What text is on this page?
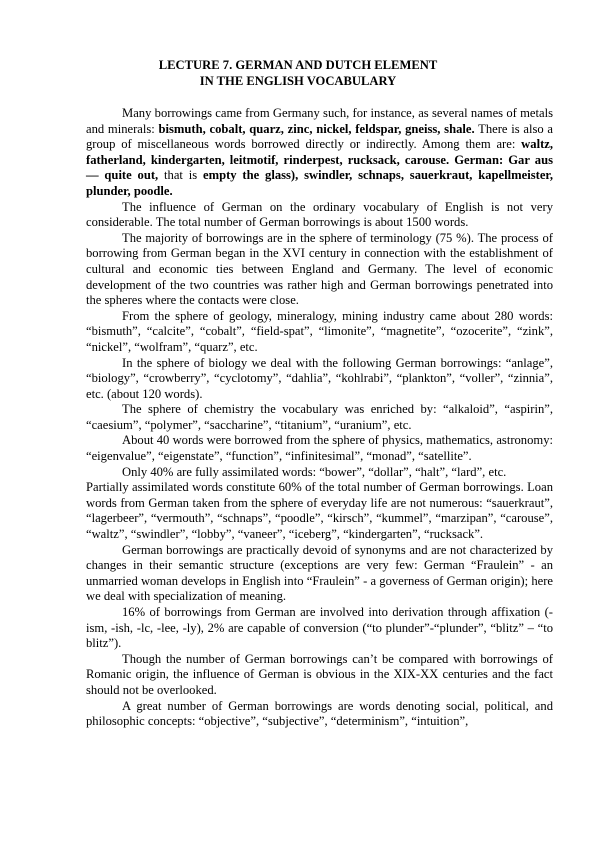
LECTURE 7. GERMAN AND DUTCH ELEMENT
IN THE ENGLISH VOCABULARY

Many borrowings came from Germany such, for instance, as several names of metals and minerals: bismuth, cobalt, quarz, zinc, nickel, feldspar, gneiss, shale. There is also a group of miscellaneous words borrowed directly or indirectly. Among them are: waltz, fatherland, kindergarten, leitmotif, rinderpest, rucksack, carouse. German: Gar aus — quite out, that is empty the glass), swindler, schnaps, sauerkraut, kapellmeister, plunder, poodle.

The influence of German on the ordinary vocabulary of English is not very considerable. The total number of German borrowings is about 1500 words.

The majority of borrowings are in the sphere of terminology (75 %). The process of borrowing from German began in the XVI century in connection with the establishment of cultural and economic ties between England and Germany. The level of economic development of the two countries was rather high and German borrowings penetrated into the spheres where the contacts were close.

From the sphere of geology, mineralogy, mining industry came about 280 words: “bismuth”, “calcite”, “cobalt”, “field-spat”, “limonite”, “magnetite”, “ozocerite”, “zink”, “nickel”, “wolfram”, “quarz”, etc.

In the sphere of biology we deal with the following German borrowings: “anlage”, “biology”, “crowberry”, “cyclotomy”, “dahlia”, “kohlrabi”, “plankton”, “voller”, “zinnia”, etc. (about 120 words).

The sphere of chemistry the vocabulary was enriched by: “alkaloid”, “aspirin”, “caesium”, “polymer”, “saccharine”, “titanium”, “uranium”, etc.

About 40 words were borrowed from the sphere of physics, mathematics, astronomy: “eigenvalue”, “eigenstate”, “function”, “infinitesimal”, “monad”, “satellite”.

Only 40% are fully assimilated words: “bower”, “dollar”, “halt”, “lard”, etc.

Partially assimilated words constitute 60% of the total number of German borrowings. Loan words from German taken from the sphere of everyday life are not numerous: “sauerkraut”, “lagerbeer”, “vermouth”, “schnaps”, “poodle”, “kirsch”, “kummel”, “marzipan”, “carouse”, “waltz”, “swindler”, “lobby”, “vaneer”, “iceberg”, “kindergarten”, “rucksack”.

German borrowings are practically devoid of synonyms and are not characterized by changes in their semantic structure (exceptions are very few: German “Fraulein” - an unmarried woman develops in English into “Fraulein” - a governess of German origin); here we deal with specialization of meaning.

16% of borrowings from German are involved into derivation through affixation (-ism, -ish, -lc, -lee, -ly), 2% are capable of conversion (“to plunder”-“plunder”, “blitz” – “to blitz”).

Though the number of German borrowings can’t be compared with borrowings of Romanic origin, the influence of German is obvious in the XIX-XX centuries and the fact should not be overlooked.

A great number of German borrowings are words denoting social, political, and philosophic concepts: “objective”, “subjective”, “determinism”, “intuition”,
